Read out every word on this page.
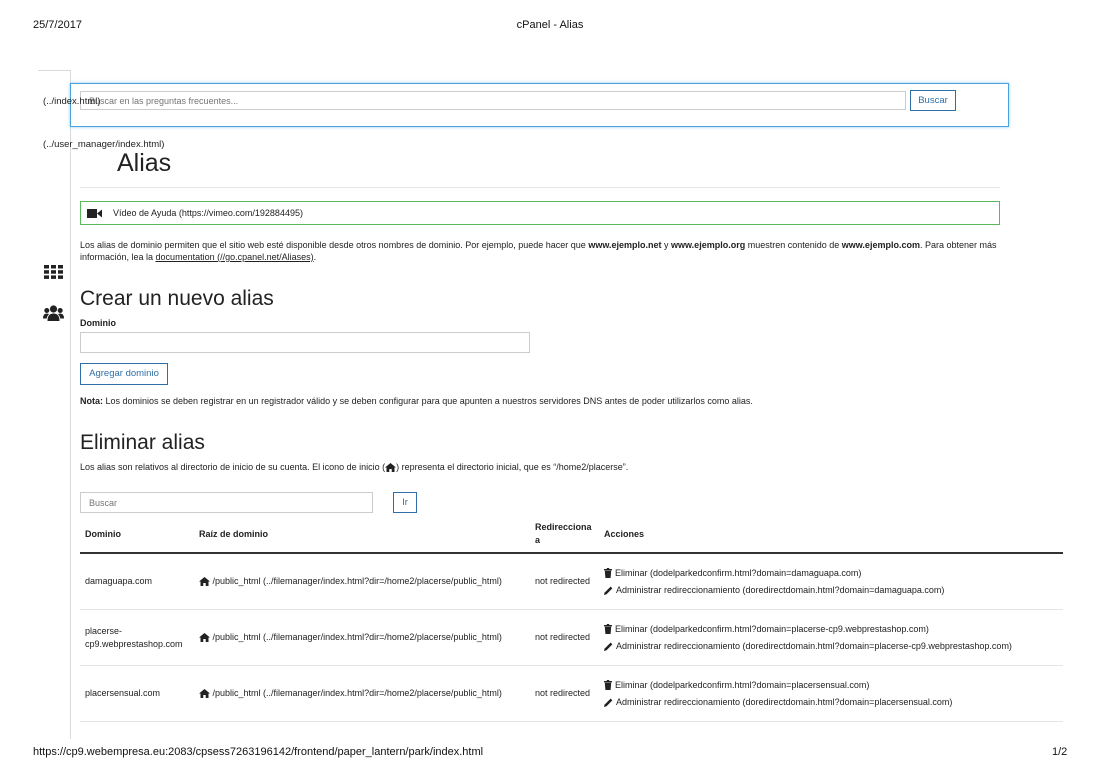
25/7/2017	cPanel - Alias
Buscar en las preguntas frecuentes...
(../index.html)	Buscar
(../user_manager/index.html)
Alias
Vídeo de Ayuda (https://vimeo.com/192884495)
Los alias de dominio permiten que el sitio web esté disponible desde otros nombres de dominio. Por ejemplo, puede hacer que www.ejemplo.net y www.ejemplo.org muestren contenido de www.ejemplo.com. Para obtener más información, lea la documentation (//go.cpanel.net/Aliases).
Crear un nuevo alias
Dominio
Agregar dominio
Nota: Los dominios se deben registrar en un registrador válido y se deben configurar para que apunten a nuestros servidores DNS antes de poder utilizarlos como alias.
Eliminar alias
Los alias son relativos al directorio de inicio de su cuenta. El icono de inicio ( ) representa el directorio inicial, que es “/home2/placerse”.
Buscar
Ir
Dominio	Raíz de dominio	Redirecciona a	Acciones
damaguapa.com	/public_html (../filemanager/index.html?dir=/home2/placerse/public_html)	not redirected	Eliminar (dodelparkedconfirm.html?domain=damaguapa.com)
Administrar redireccionamiento (doredirectdomain.html?domain=damaguapa.com)

placerse-cp9.webprestashop.com	/public_html (../filemanager/index.html?dir=/home2/placerse/public_html)	not redirected	Eliminar (dodelparkedconfirm.html?domain=placerse-cp9.webprestashop.com)
Administrar redireccionamiento (doredirectdomain.html?domain=placerse-cp9.webprestashop.com)

placersensual.com	/public_html (../filemanager/index.html?dir=/home2/placerse/public_html)	not redirected	Eliminar (dodelparkedconfirm.html?domain=placersensual.com)
Administrar redireccionamiento (doredirectdomain.html?domain=placersensual.com)
https://cp9.webempresa.eu:2083/cpsess7263196142/frontend/paper_lantern/park/index.html	1/2
